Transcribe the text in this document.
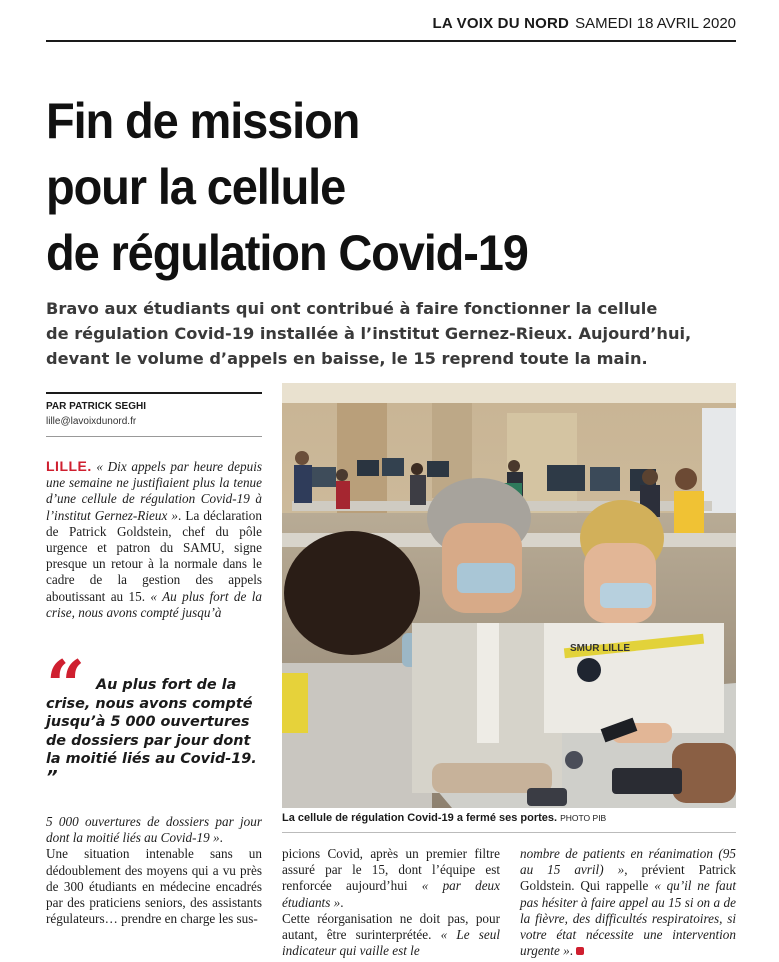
LA VOIX DU NORD SAMEDI 18 AVRIL 2020
Fin de mission
pour la cellule
de régulation Covid-19

Bravo aux étudiants qui ont contribué à faire fonctionner la cellule
de régulation Covid-19 installée à l’institut Gernez-Rieux. Aujourd’hui,
devant le volume d’appels en baisse, le 15 reprend toute la main.

PAR PATRICK SEGHI
lille@lavoixdunord.fr
LILLE. « Dix appels par heure depuis une semaine ne justifiaient plus la tenue d’une cellule de régulation Covid-19 à l’institut Gernez-Rieux ». La déclaration de Patrick Goldstein, chef du pôle urgence et patron du SAMU, signe presque un retour à la normale dans le cadre de la gestion des appels aboutissant au 15. « Au plus fort de la crise, nous avons compté jusqu’à
“ Au plus fort de la crise, nous avons compté jusqu’à 5 000 ouvertures de dossiers par jour dont la moitié liés au Covid-19. ”
5 000 ouvertures de dossiers par jour dont la moitié liés au Covid-19 ».
Une situation intenable sans un dédoublement des moyens qui a vu près de 300 étudiants en médecine encadrés par des praticiens seniors, des assistants régulateurs… prendre en charge les sus-
SMUR LILLE
La cellule de régulation Covid-19 a fermé ses portes. PHOTO PIB
picions Covid, après un premier filtre assuré par le 15, dont l’équipe est renforcée aujourd’hui « par deux étudiants ».
Cette réorganisation ne doit pas, pour autant, être surinterprétée. « Le seul indicateur qui vaille est le
nombre de patients en réanimation (95 au 15 avril) », prévient Patrick Goldstein. Qui rappelle « qu’il ne faut pas hésiter à faire appel au 15 si on a de la fièvre, des difficultés respiratoires, si votre état nécessite une intervention urgente ».
